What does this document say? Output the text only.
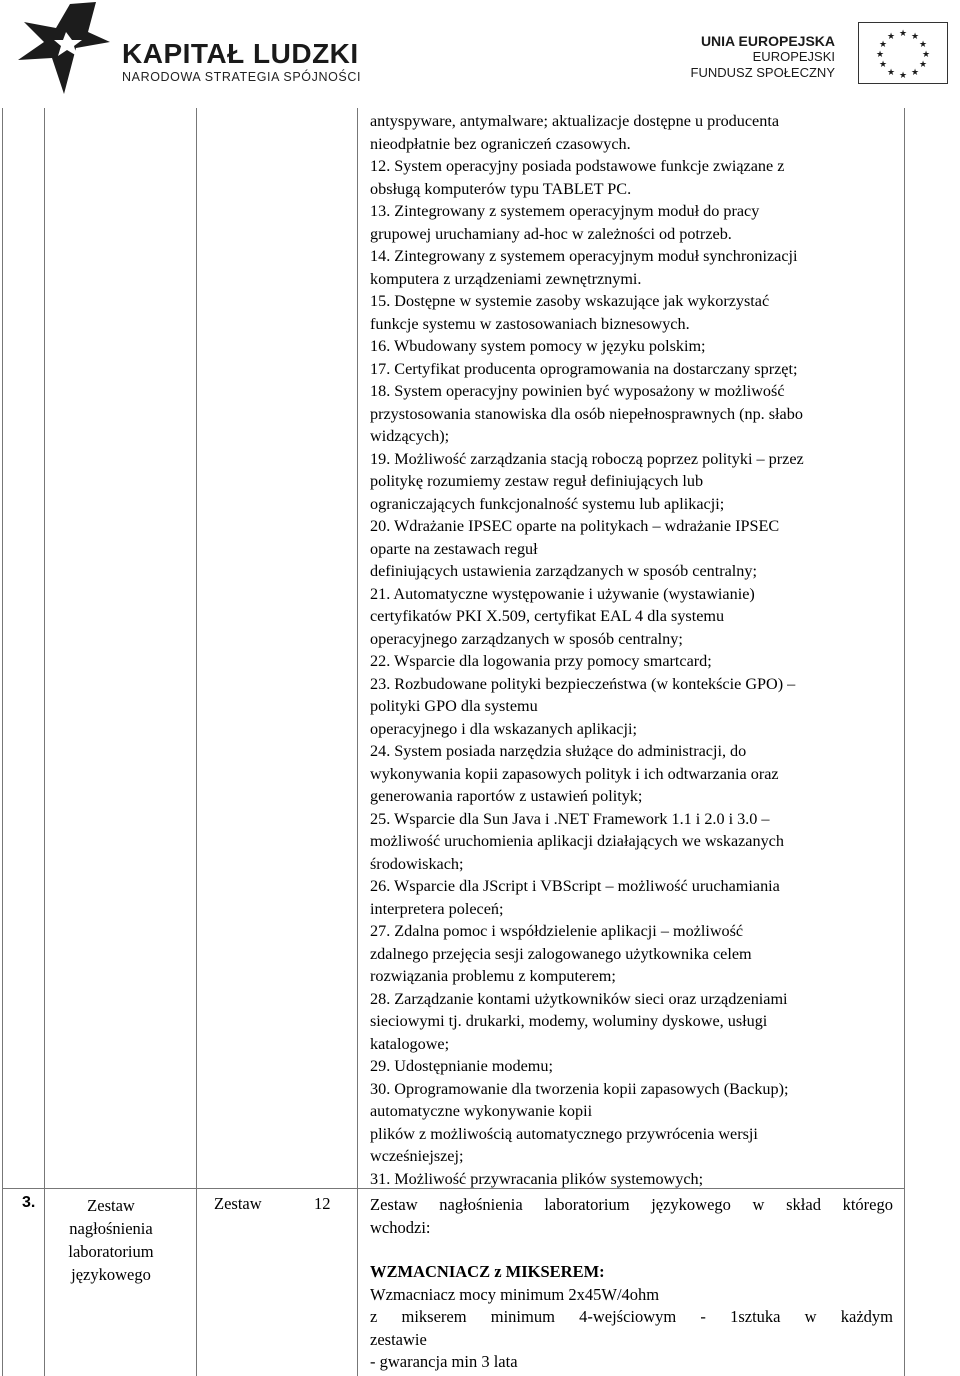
KAPITAŁ LUDZKI
NARODOWA STRATEGIA SPÓJNOŚCI
UNIA EUROPEJSKA
EUROPEJSKI
FUNDUSZ SPOŁECZNY
★ ★
★
★
★
★
★
★
★
★
★
★
antyspyware, antymalware; aktualizacje dostępne u producenta
nieodpłatnie bez ograniczeń czasowych.
12. System operacyjny posiada podstawowe funkcje związane z
obsługą komputerów typu TABLET PC.
13. Zintegrowany z systemem operacyjnym moduł do pracy
grupowej uruchamiany ad-hoc w zależności od potrzeb.
14. Zintegrowany z systemem operacyjnym moduł synchronizacji
komputera z urządzeniami zewnętrznymi.
15. Dostępne w systemie zasoby wskazujące jak wykorzystać
funkcje systemu w zastosowaniach biznesowych.
16. Wbudowany system pomocy w języku polskim;
17. Certyfikat producenta oprogramowania na dostarczany sprzęt;
18. System operacyjny powinien być wyposażony w możliwość
przystosowania stanowiska dla osób niepełnosprawnych (np. słabo
widzących);
19. Możliwość zarządzania stacją roboczą poprzez polityki – przez
politykę rozumiemy zestaw reguł definiujących lub
ograniczających funkcjonalność systemu lub aplikacji;
20. Wdrażanie IPSEC oparte na politykach – wdrażanie IPSEC
oparte na zestawach reguł
definiujących ustawienia zarządzanych w sposób centralny;
21. Automatyczne występowanie i używanie (wystawianie)
certyfikatów PKI X.509, certyfikat EAL 4 dla systemu
operacyjnego zarządzanych w sposób centralny;
22. Wsparcie dla logowania przy pomocy smartcard;
23. Rozbudowane polityki bezpieczeństwa (w kontekście GPO) –
polityki GPO dla systemu
operacyjnego i dla wskazanych aplikacji;
24. System posiada narzędzia służące do administracji, do
wykonywania kopii zapasowych polityk i ich odtwarzania oraz
generowania raportów z ustawień polityk;
25. Wsparcie dla Sun Java i .NET Framework 1.1 i 2.0 i 3.0 –
możliwość uruchomienia aplikacji działających we wskazanych
środowiskach;
26. Wsparcie dla JScript i VBScript – możliwość uruchamiania
interpretera poleceń;
27. Zdalna pomoc i współdzielenie aplikacji – możliwość
zdalnego przejęcia sesji zalogowanego użytkownika celem
rozwiązania problemu z komputerem;
28. Zarządzanie kontami użytkowników sieci oraz urządzeniami
sieciowymi tj. drukarki, modemy, woluminy dyskowe, usługi
katalogowe;
29. Udostępnianie modemu;
30. Oprogramowanie dla tworzenia kopii zapasowych (Backup);
automatyczne wykonywanie kopii
plików z możliwością automatycznego przywrócenia wersji
wcześniejszej;
31. Możliwość przywracania plików systemowych;
3.	Zestaw
nagłośnienia
laboratorium
językowego
Zestaw	12 Zestaw nagłośnienia laboratorium językowego w skład którego
wchodzi:
WZMACNIACZ z MIKSEREM:
Wzmacniacz mocy minimum 2x45W/4ohm
z mikserem minimum 4-wejściowym - 1sztuka w każdym
zestawie
- gwarancja min 3 lata
